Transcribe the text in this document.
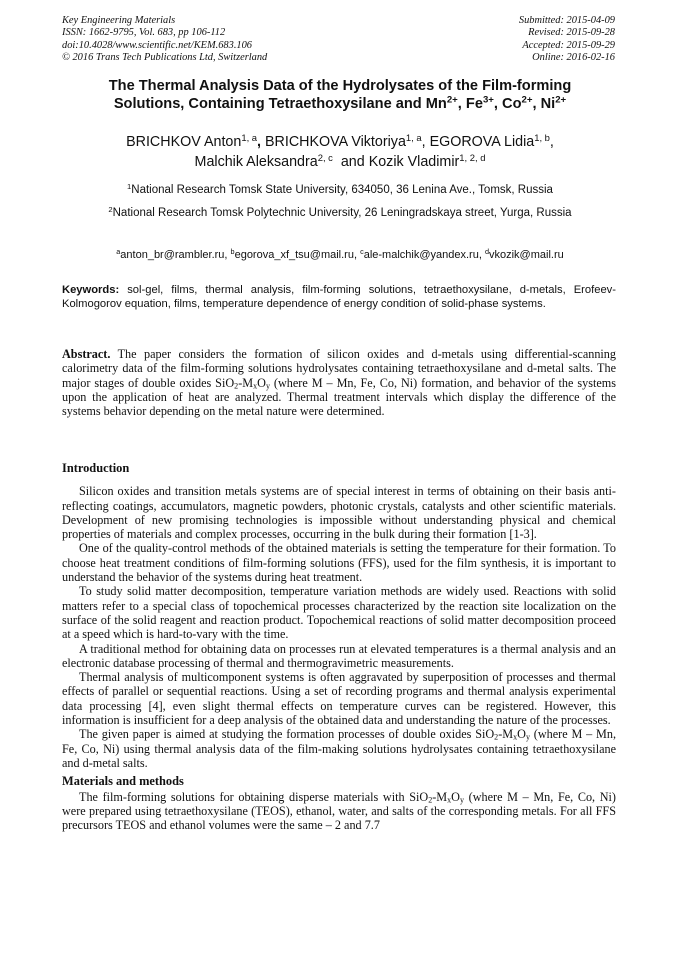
Key Engineering Materials
ISSN: 1662-9795, Vol. 683, pp 106-112
doi:10.4028/www.scientific.net/KEM.683.106
© 2016 Trans Tech Publications Ltd, Switzerland
Submitted: 2015-04-09
Revised: 2015-09-28
Accepted: 2015-09-29
Online: 2016-02-16
The Thermal Analysis Data of the Hydrolysates of the Film-forming
Solutions, Containing Tetraethoxysilane and $Mn^{2+}$, $Fe^{3+}$, $Co^{2+}$, $Ni^{2+}$
BRICHKOV Anton$^{1, a}$, BRICHKOVA Viktoriya$^{1, a}$, EGOROVA Lidia$^{1, b}$,
Malchik Aleksandra$^{2, c}$ and Kozik Vladimir$^{1, 2, d}$
$^1$National Research Tomsk State University, 634050, 36 Lenina Ave., Tomsk, Russia
$^2$National Research Tomsk Polytechnic University, 26 Leningradskaya street, Yurga, Russia
$^a$anton_br@rambler.ru, $^b$egorova_xf_tsu@mail.ru, $^c$ale-malchik@yandex.ru, $^d$vkozik@mail.ru
Keywords: sol-gel, films, thermal analysis, film-forming solutions, tetraethoxysilane, d-metals, Erofeev-Kolmogorov equation, films, temperature dependence of energy condition of solid-phase systems.
Abstract. The paper considers the formation of silicon oxides and d-metals using differential-scanning calorimetry data of the film-forming solutions hydrolysates containing tetraethoxysilane and d-metal salts. The major stages of double oxides $SiO_2-M_xO_y$ (where M – Mn, Fe, Co, Ni) formation, and behavior of the systems upon the application of heat are analyzed. Thermal treatment intervals which display the difference of the systems behavior depending on the metal nature were determined.
Introduction

Silicon oxides and transition metals systems are of special interest in terms of obtaining on their basis anti-reflecting coatings, accumulators, magnetic powders, photonic crystals, catalysts and other scientific materials. Development of new promising technologies is impossible without understanding physical and chemical properties of materials and complex processes, occurring in the bulk during their formation [1-3].

One of the quality-control methods of the obtained materials is setting the temperature for their formation. To choose heat treatment conditions of film-forming solutions (FFS), used for the film synthesis, it is important to understand the behavior of the systems during heat treatment.

To study solid matter decomposition, temperature variation methods are widely used. Reactions with solid matters refer to a special class of topochemical processes characterized by the reaction site localization on the surface of the solid reagent and reaction product. Topochemical reactions of solid matter decomposition proceed at a speed which is hard-to-vary with the time.

A traditional method for obtaining data on processes run at elevated temperatures is a thermal analysis and an electronic database processing of thermal and thermogravimetric measurements.

Thermal analysis of multicomponent systems is often aggravated by superposition of processes and thermal effects of parallel or sequential reactions. Using a set of recording programs and thermal analysis experimental data processing [4], even slight thermal effects on temperature curves can be registered. However, this information is insufficient for a deep analysis of the obtained data and understanding the nature of the processes.

The given paper is aimed at studying the formation processes of double oxides $SiO_2-M_xO_y$ (where M – Mn, Fe, Co, Ni) using thermal analysis data of the film-making solutions hydrolysates containing tetraethoxysilane and d-metal salts.

Materials and methods

The film-forming solutions for obtaining disperse materials with $SiO_2-M_xO_y$ (where M – Mn, Fe, Co, Ni) were prepared using tetraethoxysilane (TEOS), ethanol, water, and salts of the corresponding metals. For all FFS precursors TEOS and ethanol volumes were the same – 2 and 7.7
